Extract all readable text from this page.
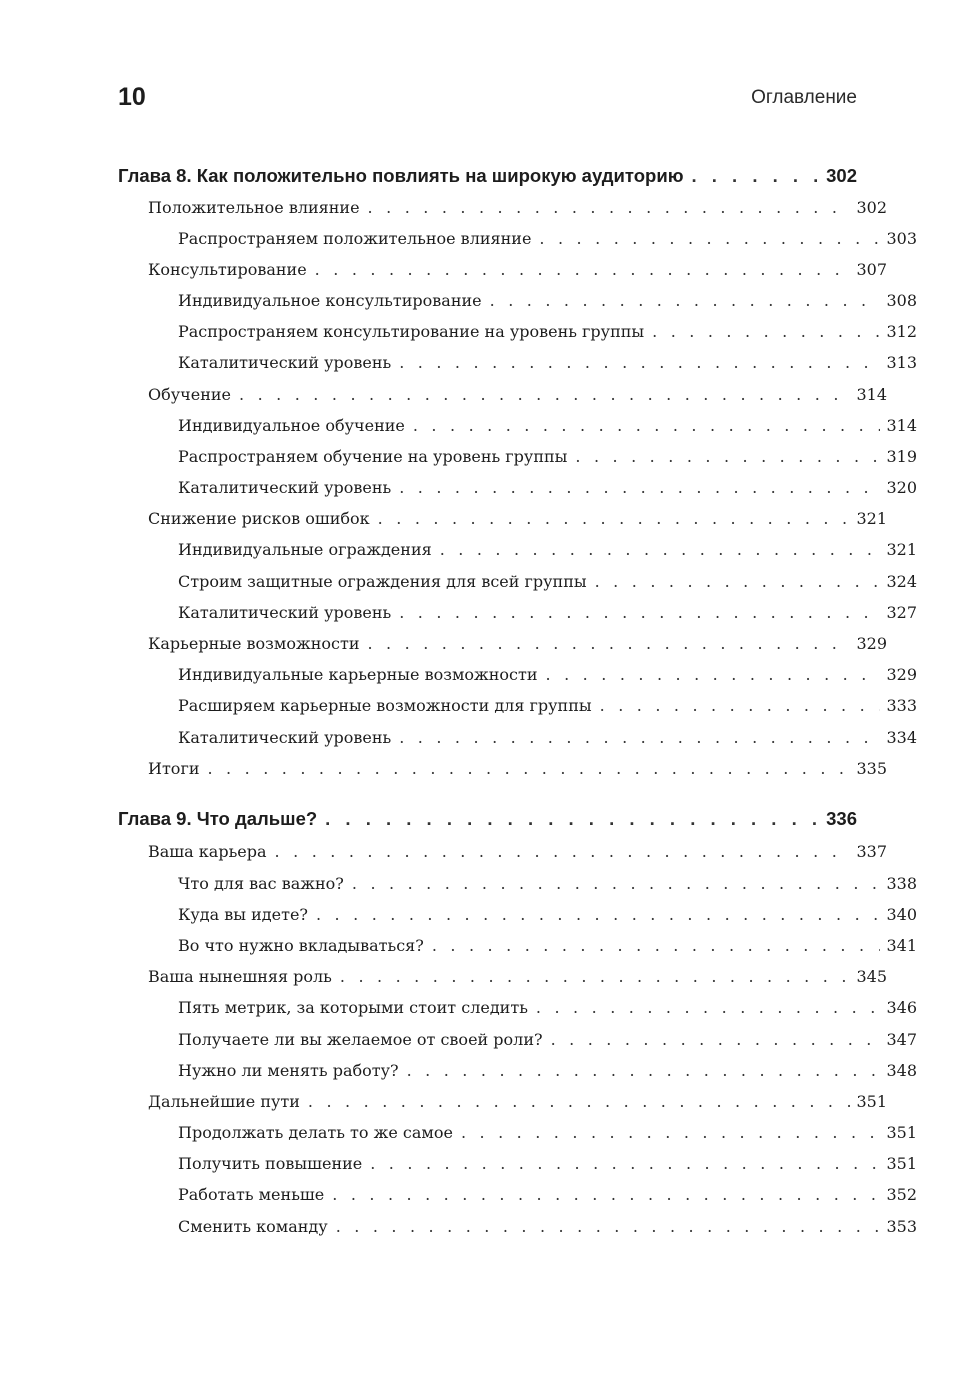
10	Оглавление
Глава 8. Как положительно повлиять на широкую аудиторию . . .	302
Положительное влияние . . .	302
Распространяем положительное влияние . . .	303
Консультирование . . .	307
Индивидуальное консультирование . . .	308
Распространяем консультирование на уровень группы . . .	312
Каталитический уровень . . .	313
Обучение . . .	314
Индивидуальное обучение . . .	314
Распространяем обучение на уровень группы . . .	319
Каталитический уровень . . .	320
Снижение рисков ошибок . . .	321
Индивидуальные ограждения . . .	321
Строим защитные ограждения для всей группы . . .	324
Каталитический уровень . . .	327
Карьерные возможности . . .	329
Индивидуальные карьерные возможности . . .	329
Расширяем карьерные возможности для группы . . .	333
Каталитический уровень . . .	334
Итоги . . .	335
Глава 9. Что дальше? . . .	336
Ваша карьера . . .	337
Что для вас важно? . . .	338
Куда вы идете? . . .	340
Во что нужно вкладываться? . . .	341
Ваша нынешняя роль . . .	345
Пять метрик, за которыми стоит следить . . .	346
Получаете ли вы желаемое от своей роли? . . .	347
Нужно ли менять работу? . . .	348
Дальнейшие пути . . .	351
Продолжать делать то же самое . . .	351
Получить повышение . . .	351
Работать меньше . . .	352
Сменить команду . . .	353
